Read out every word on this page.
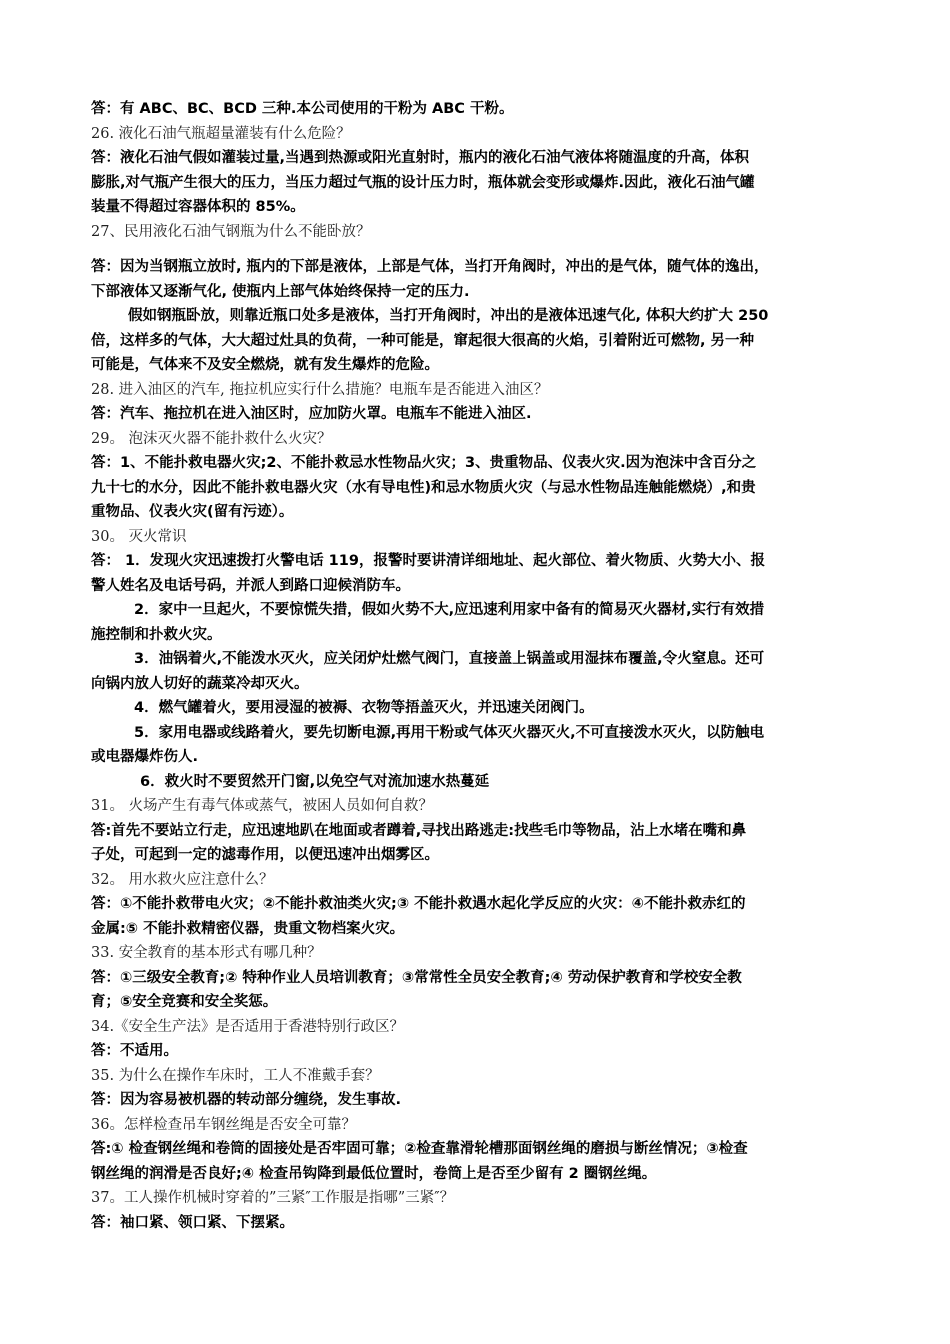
答：有 ABC、BC、BCD 三种.本公司使用的干粉为 ABC 干粉。
26. 液化石油气瓶超量灌装有什么危险？
答：液化石油气假如灌装过量,当遇到热源或阳光直射时，瓶内的液化石油气液体将随温度的升高，体积
膨胀,对气瓶产生很大的压力，当压力超过气瓶的设计压力时，瓶体就会变形或爆炸.因此，液化石油气罐
装量不得超过容器体积的 85%。
27、民用液化石油气钢瓶为什么不能卧放？
答：因为当钢瓶立放时, 瓶内的下部是液体，上部是气体，当打开角阀时，冲出的是气体，随气体的逸出，
下部液体又逐渐气化, 使瓶内上部气体始终保持一定的压力.
假如钢瓶卧放，则靠近瓶口处多是液体，当打开角阀时，冲出的是液体迅速气化, 体积大约扩大 250
倍，这样多的气体，大大超过灶具的负荷，一种可能是，窜起很大很高的火焰，引着附近可燃物, 另一种
可能是，气体来不及安全燃烧，就有发生爆炸的危险。
28. 进入油区的汽车, 拖拉机应实行什么措施？电瓶车是否能进入油区？
答：汽车、拖拉机在进入油区时，应加防火罩。电瓶车不能进入油区.
29。 泡沫灭火器不能扑救什么火灾？
答：1、不能扑救电器火灾;2、不能扑救忌水性物品火灾；3、贵重物品、仪表火灾.因为泡沫中含百分之
九十七的水分，因此不能扑救电器火灾（水有导电性)和忌水物质火灾（与忌水性物品连触能燃烧）,和贵
重物品、仪表火灾(留有污迹）。
30。 灭火常识
答： 1．发现火灾迅速拨打火警电话 119，报警时要讲清详细地址、起火部位、着火物质、火势大小、报
警人姓名及电话号码，并派人到路口迎候消防车。
2．家中一旦起火，不要惊慌失措，假如火势不大,应迅速利用家中备有的简易灭火器材,实行有效措
施控制和扑救火灾。
3．油锅着火,不能泼水灭火，应关闭炉灶燃气阀门，直接盖上锅盖或用湿抹布覆盖,令火窒息。还可
向锅内放人切好的蔬菜冷却灭火。
4．燃气罐着火，要用浸湿的被褥、衣物等捂盖灭火，并迅速关闭阀门。
5．家用电器或线路着火，要先切断电源,再用干粉或气体灭火器灭火,不可直接泼水灭火，以防触电
或电器爆炸伤人.
6．救火时不要贸然开门窗,以免空气对流加速水热蔓延
31。 火场产生有毒气体或蒸气，被困人员如何自救？
答:首先不要站立行走，应迅速地趴在地面或者蹲着,寻找出路逃走:找些毛巾等物品，沾上水堵在嘴和鼻
子处，可起到一定的滤毒作用，以便迅速冲出烟雾区。
32。 用水救火应注意什么？
答：①不能扑救带电火灾；②不能扑救油类火灾;③ 不能扑救遇水起化学反应的火灾：④不能扑救赤红的
金属:⑤ 不能扑救精密仪器，贵重文物档案火灾。
33. 安全教育的基本形式有哪几种？
答：①三级安全教育;② 特种作业人员培训教育；③常常性全员安全教育;④ 劳动保护教育和学校安全教
育；⑤安全竞赛和安全奖惩。
34.《安全生产法》是否适用于香港特别行政区？
答：不适用。
35. 为什么在操作车床时，工人不准戴手套？
答：因为容易被机器的转动部分缠绕，发生事故.
36。怎样检查吊车钢丝绳是否安全可靠？
答:① 检查钢丝绳和卷筒的固接处是否牢固可靠；②检查靠滑轮槽那面钢丝绳的磨损与断丝情况；③检查
钢丝绳的润滑是否良好;④ 检查吊钩降到最低位置时，卷筒上是否至少留有 2 圈钢丝绳。
37。工人操作机械时穿着的”三紧″工作服是指哪”三紧″？
答：袖口紧、领口紧、下摆紧。
